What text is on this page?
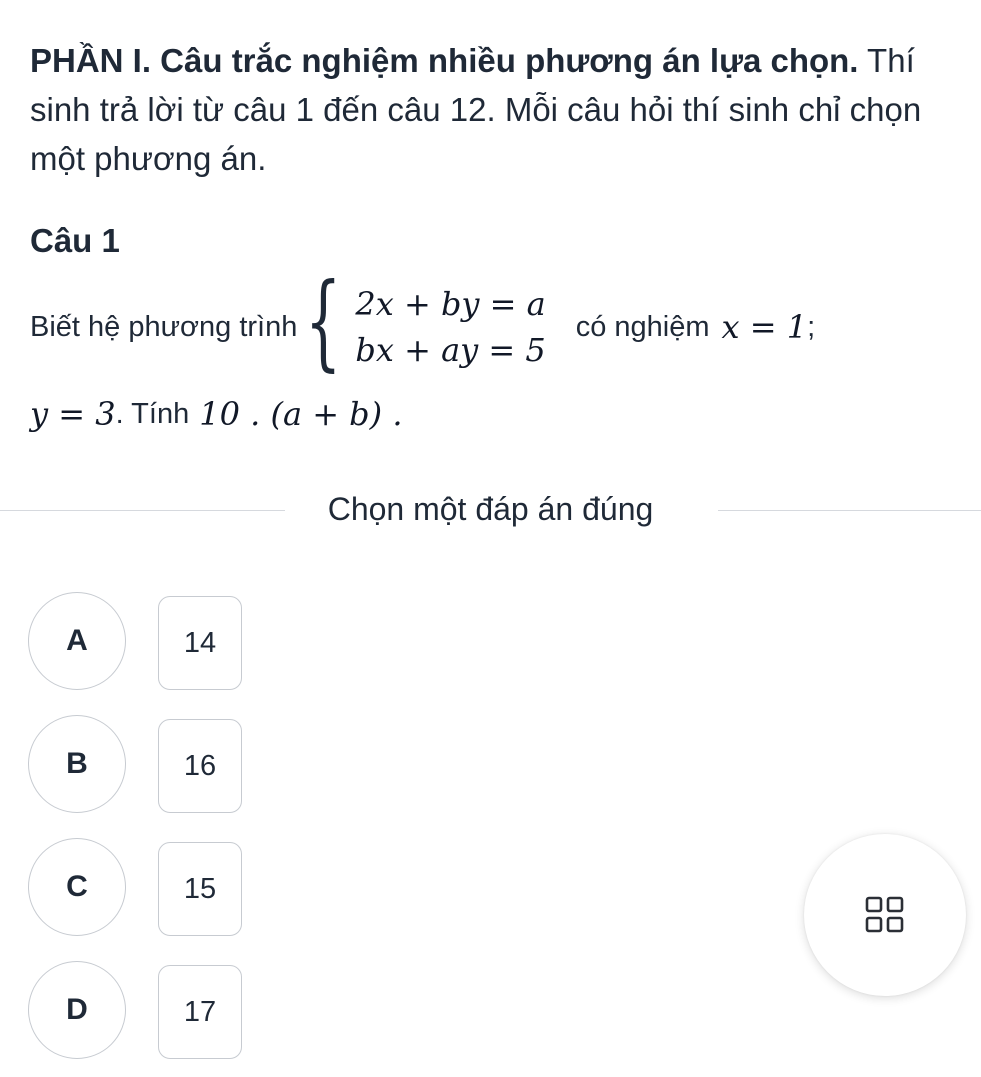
PHẦN I. Câu trắc nghiệm nhiều phương án lựa chọn. Thí sinh trả lời từ câu 1 đến câu 12. Mỗi câu hỏi thí sinh chỉ chọn một phương án.
Câu 1
Biết hệ phương trình { 2x + by = a
bx + ay = 5
có nghiệm x = 1 ;
y = 3 . Tính 10 . (a + b) .
Chọn một đáp án đúng
A	14
B	16
C	15
D	17
